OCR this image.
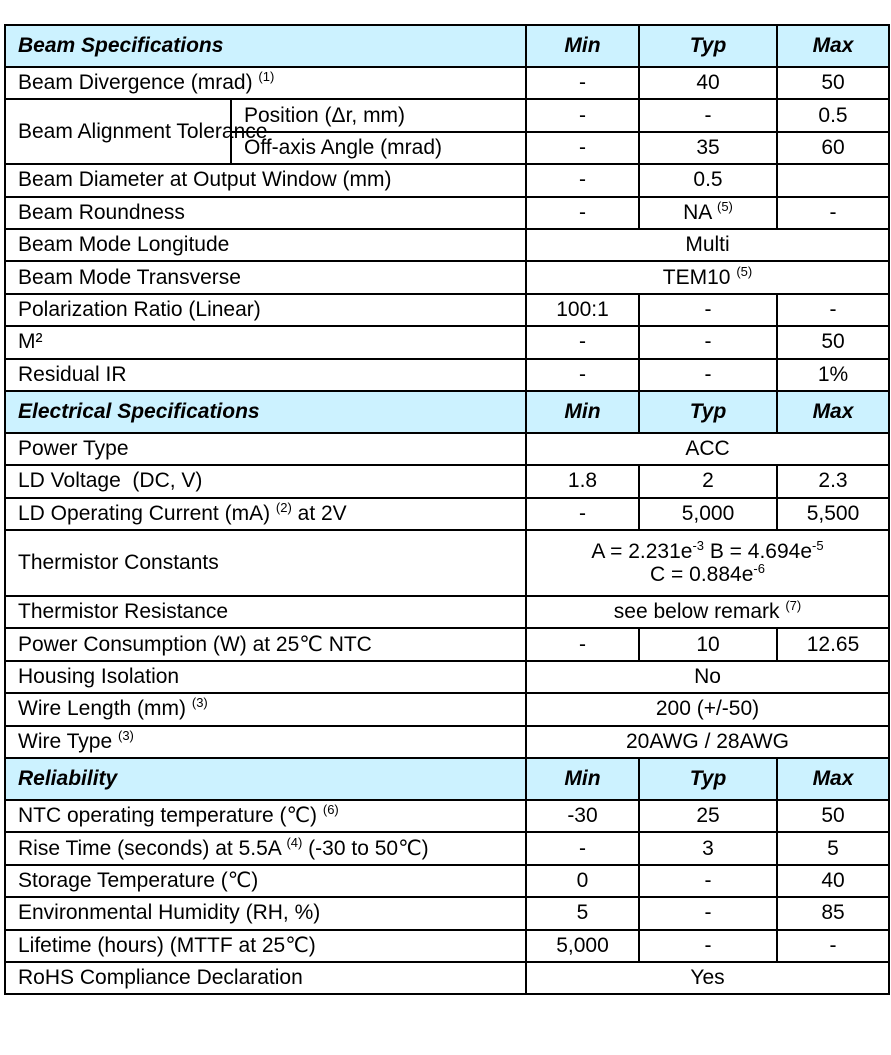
Beam Specifications		Min	Typ	Max
Beam Divergence (mrad) $^{(1)}$		-	40	50
Beam Alignment Tolerance	Position (Δr, mm)	-	-	0.5
	Off-axis Angle (mrad)	-	35	60
Beam Diameter at Output Window (mm)		-	0.5	
Beam Roundness		-	NA $^{(5)}$	-
Beam Mode Longitude		Multi		
Beam Mode Transverse		TEM10 $^{(5)}$
Polarization Ratio (Linear)		100:1	-	-
M²		-	-	50
Residual IR		-	-	1%
Electrical Specifications		Min	Typ	Max
Power Type		ACC		
LD Voltage  (DC, V)		1.8	2	2.3
LD Operating Current (mA) $^{(2)}$ at 2V		-	5,000	5,500
Thermistor Constants		$A = 2.231e^{-3}$ $B = 4.694e^{-5}$
$C = 0.884e^{-6}$
Thermistor Resistance		see below remark $^{(7)}$
Power Consumption (W) at 25℃ NTC		-	10	12.65
Housing Isolation		No		
Wire Length (mm) $^{(3)}$		200 (+/-50)		
Wire Type $^{(3)}$		20AWG / 28AWG		
Reliability		Min	Typ	Max
NTC operating temperature (℃) $^{(6)}$		-30	25	50
Rise Time (seconds) at 5.5A $^{(4)}$ (-30 to 50℃)		-	3	5
Storage Temperature (℃)		0	-	40
Environmental Humidity (RH, %)		5	-	85
Lifetime (hours) (MTTF at 25℃)		5,000	-	-
RoHS Compliance Declaration		Yes		
